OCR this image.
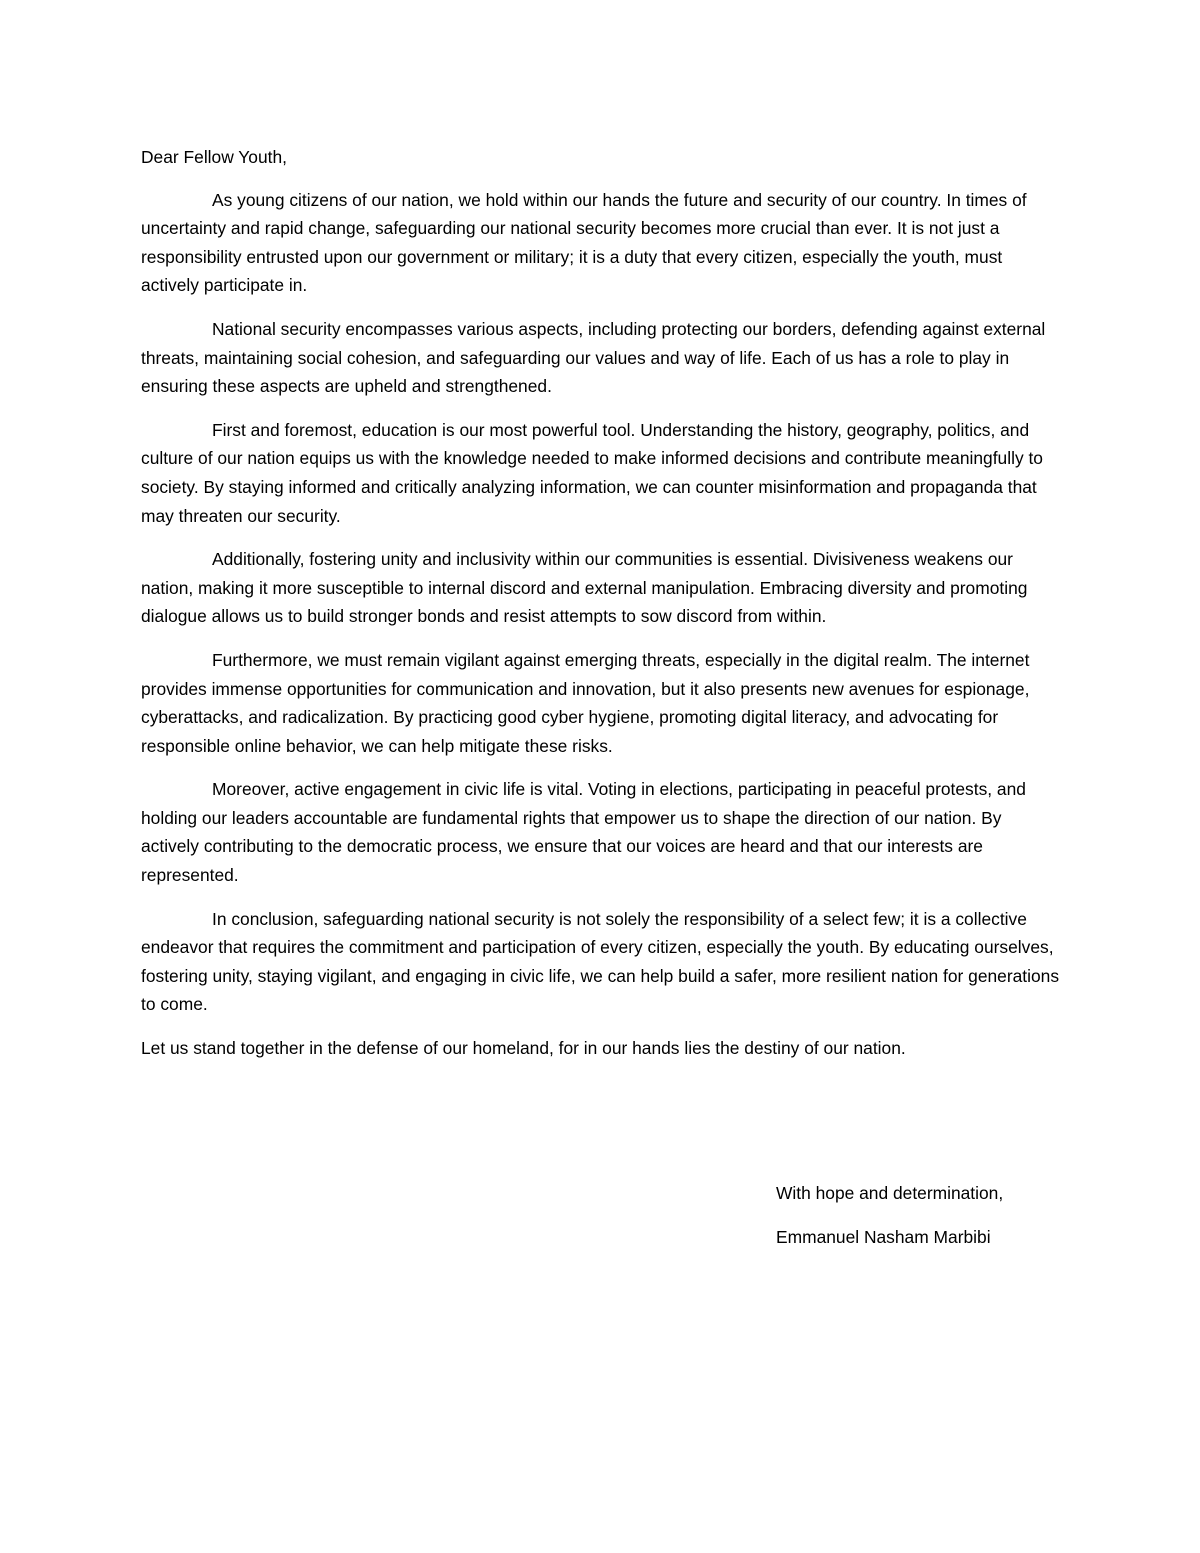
Dear Fellow Youth,

As young citizens of our nation, we hold within our hands the future and security of our country. In times of uncertainty and rapid change, safeguarding our national security becomes more crucial than ever. It is not just a responsibility entrusted upon our government or military; it is a duty that every citizen, especially the youth, must actively participate in.

National security encompasses various aspects, including protecting our borders, defending against external threats, maintaining social cohesion, and safeguarding our values and way of life. Each of us has a role to play in ensuring these aspects are upheld and strengthened.

First and foremost, education is our most powerful tool. Understanding the history, geography, politics, and culture of our nation equips us with the knowledge needed to make informed decisions and contribute meaningfully to society. By staying informed and critically analyzing information, we can counter misinformation and propaganda that may threaten our security.

Additionally, fostering unity and inclusivity within our communities is essential. Divisiveness weakens our nation, making it more susceptible to internal discord and external manipulation. Embracing diversity and promoting dialogue allows us to build stronger bonds and resist attempts to sow discord from within.

Furthermore, we must remain vigilant against emerging threats, especially in the digital realm. The internet provides immense opportunities for communication and innovation, but it also presents new avenues for espionage, cyberattacks, and radicalization. By practicing good cyber hygiene, promoting digital literacy, and advocating for responsible online behavior, we can help mitigate these risks.

Moreover, active engagement in civic life is vital. Voting in elections, participating in peaceful protests, and holding our leaders accountable are fundamental rights that empower us to shape the direction of our nation. By actively contributing to the democratic process, we ensure that our voices are heard and that our interests are represented.

In conclusion, safeguarding national security is not solely the responsibility of a select few; it is a collective endeavor that requires the commitment and participation of every citizen, especially the youth. By educating ourselves, fostering unity, staying vigilant, and engaging in civic life, we can help build a safer, more resilient nation for generations to come.

Let us stand together in the defense of our homeland, for in our hands lies the destiny of our nation.

With hope and determination,

Emmanuel Nasham Marbibi
